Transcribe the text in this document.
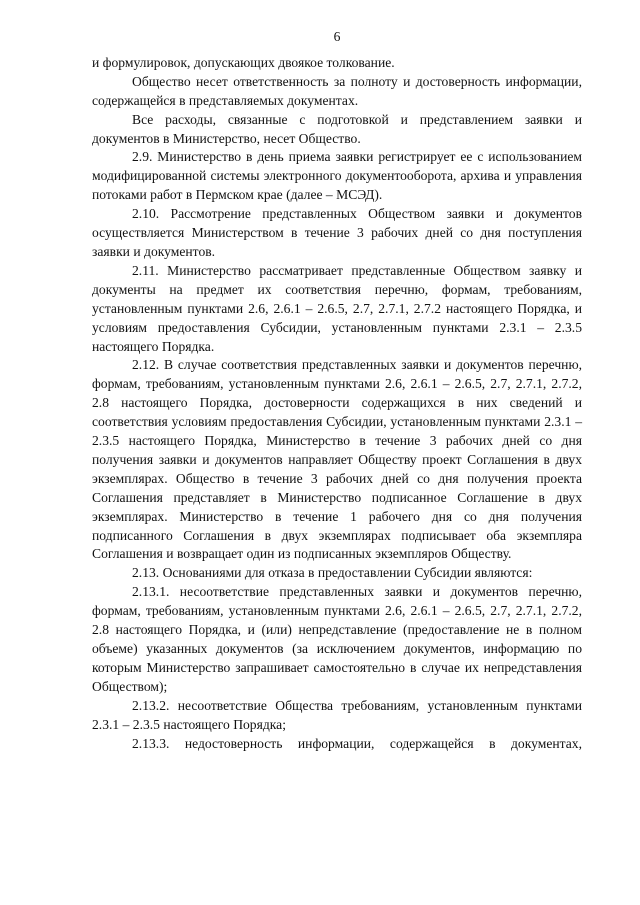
6

и формулировок, допускающих двоякое толкование.

Общество несет ответственность за полноту и достоверность информации, содержащейся в представляемых документах.

Все расходы, связанные с подготовкой и представлением заявки и документов в Министерство, несет Общество.

2.9. Министерство в день приема заявки регистрирует ее с использованием модифицированной системы электронного документооборота, архива и управления потоками работ в Пермском крае (далее – МСЭД).

2.10. Рассмотрение представленных Обществом заявки и документов осуществляется Министерством в течение 3 рабочих дней со дня поступления заявки и документов.

2.11. Министерство рассматривает представленные Обществом заявку и документы на предмет их соответствия перечню, формам, требованиям, установленным пунктами 2.6, 2.6.1 – 2.6.5, 2.7, 2.7.1, 2.7.2 настоящего Порядка, и условиям предоставления Субсидии, установленным пунктами 2.3.1 – 2.3.5 настоящего Порядка.

2.12. В случае соответствия представленных заявки и документов перечню, формам, требованиям, установленным пунктами 2.6, 2.6.1 – 2.6.5, 2.7, 2.7.1, 2.7.2, 2.8 настоящего Порядка, достоверности содержащихся в них сведений и соответствия условиям предоставления Субсидии, установленным пунктами 2.3.1 – 2.3.5 настоящего Порядка, Министерство в течение 3 рабочих дней со дня получения заявки и документов направляет Обществу проект Соглашения в двух экземплярах. Общество в течение 3 рабочих дней со дня получения проекта Соглашения представляет в Министерство подписанное Соглашение в двух экземплярах. Министерство в течение 1 рабочего дня со дня получения подписанного Соглашения в двух экземплярах подписывает оба экземпляра Соглашения и возвращает один из подписанных экземпляров Обществу.

2.13. Основаниями для отказа в предоставлении Субсидии являются:

2.13.1. несоответствие представленных заявки и документов перечню, формам, требованиям, установленным пунктами 2.6, 2.6.1 – 2.6.5, 2.7, 2.7.1, 2.7.2, 2.8 настоящего Порядка, и (или) непредставление (предоставление не в полном объеме) указанных документов (за исключением документов, информацию по которым Министерство запрашивает самостоятельно в случае их непредставления Обществом);

2.13.2. несоответствие Общества требованиям, установленным пунктами 2.3.1 – 2.3.5 настоящего Порядка;

2.13.3. недостоверность информации, содержащейся в документах,
